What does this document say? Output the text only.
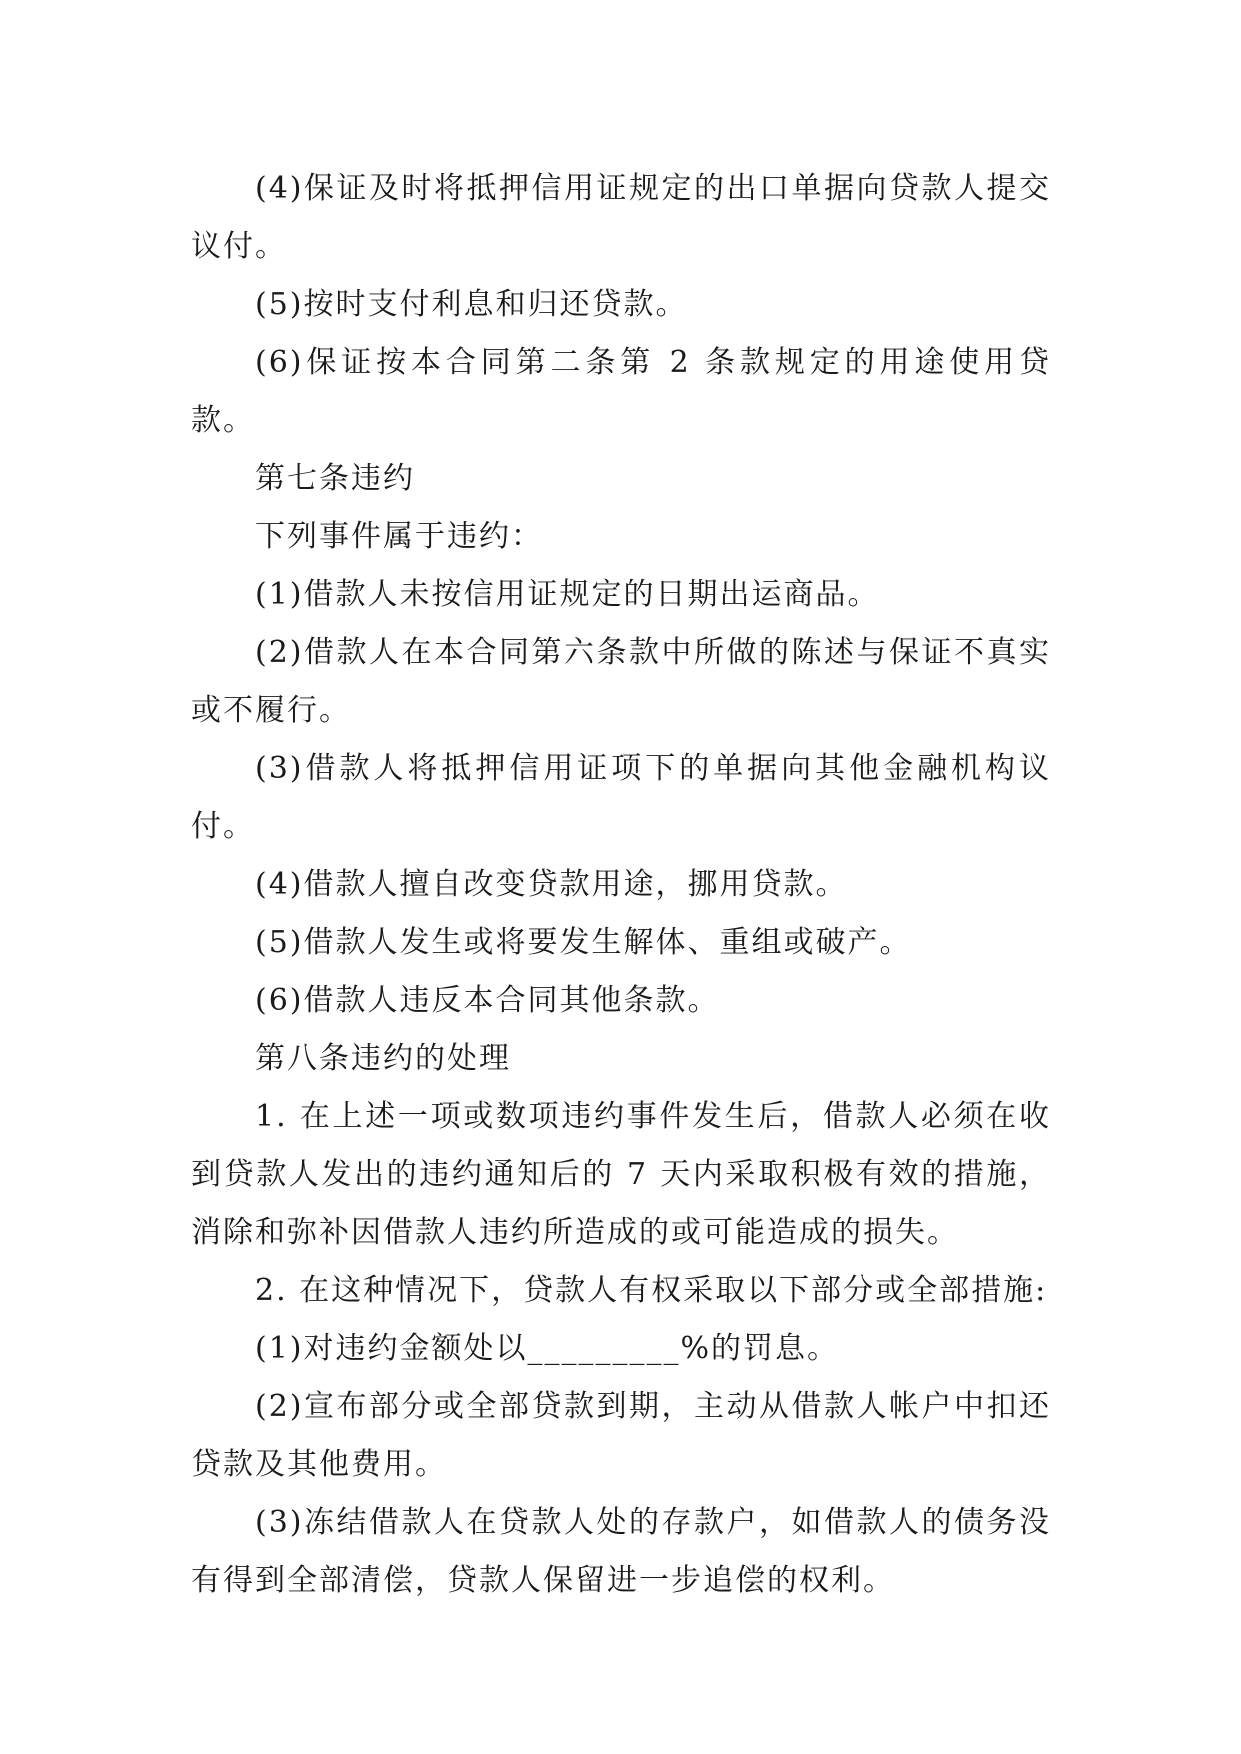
(4)保证及时将抵押信用证规定的出口单据向贷款人提交议付。

(5)按时支付利息和归还贷款。

(6)保证按本合同第二条第 2 条款规定的用途使用贷款。

第七条违约

下列事件属于违约：

(1)借款人未按信用证规定的日期出运商品。

(2)借款人在本合同第六条款中所做的陈述与保证不真实或不履行。

(3)借款人将抵押信用证项下的单据向其他金融机构议付。

(4)借款人擅自改变贷款用途，挪用贷款。

(5)借款人发生或将要发生解体、重组或破产。

(6)借款人违反本合同其他条款。

第八条违约的处理

1. 在上述一项或数项违约事件发生后，借款人必须在收到贷款人发出的违约通知后的 7 天内采取积极有效的措施，消除和弥补因借款人违约所造成的或可能造成的损失。

2. 在这种情况下，贷款人有权采取以下部分或全部措施:

(1)对违约金额处以_________%的罚息。

(2)宣布部分或全部贷款到期，主动从借款人帐户中扣还贷款及其他费用。

(3)冻结借款人在贷款人处的存款户，如借款人的债务没有得到全部清偿，贷款人保留进一步追偿的权利。
